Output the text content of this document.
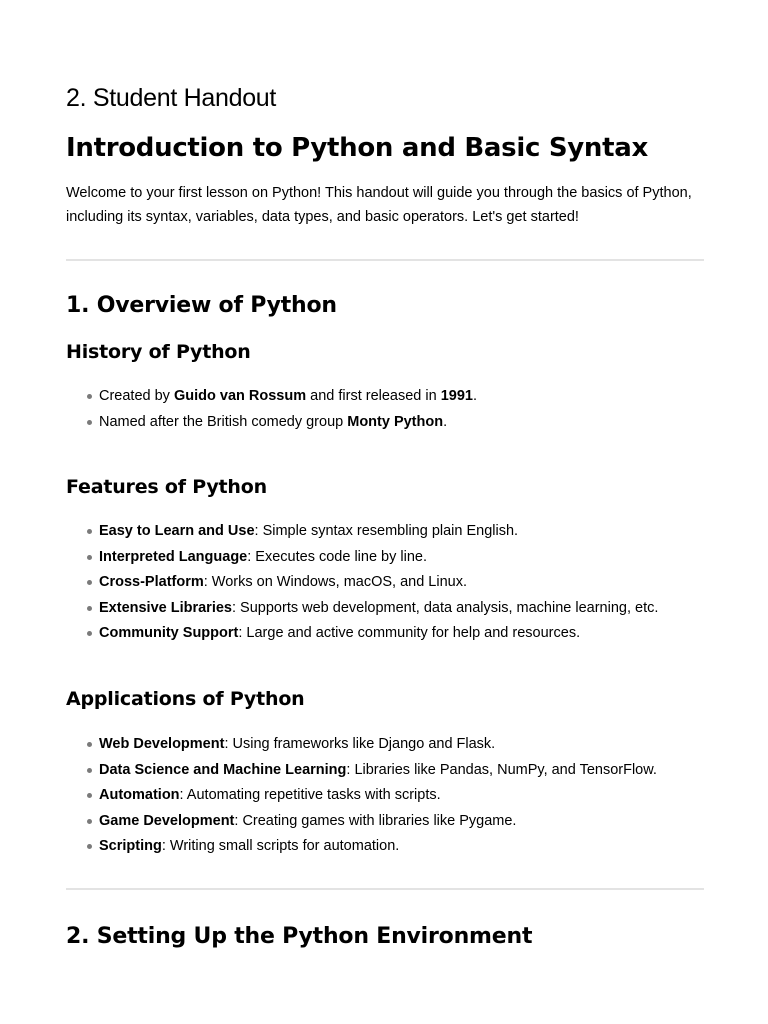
2. Student Handout
Introduction to Python and Basic Syntax

Welcome to your first lesson on Python! This handout will guide you through the basics of Python, including its syntax, variables, data types, and basic operators. Let's get started!

1. Overview of Python
History of Python
Created by Guido van Rossum and first released in 1991.
Named after the British comedy group Monty Python.
Features of Python
Easy to Learn and Use: Simple syntax resembling plain English.
Interpreted Language: Executes code line by line.
Cross-Platform: Works on Windows, macOS, and Linux.
Extensive Libraries: Supports web development, data analysis, machine learning, etc.
Community Support: Large and active community for help and resources.
Applications of Python
Web Development: Using frameworks like Django and Flask.
Data Science and Machine Learning: Libraries like Pandas, NumPy, and TensorFlow.
Automation: Automating repetitive tasks with scripts.
Game Development: Creating games with libraries like Pygame.
Scripting: Writing small scripts for automation.
2. Setting Up the Python Environment
